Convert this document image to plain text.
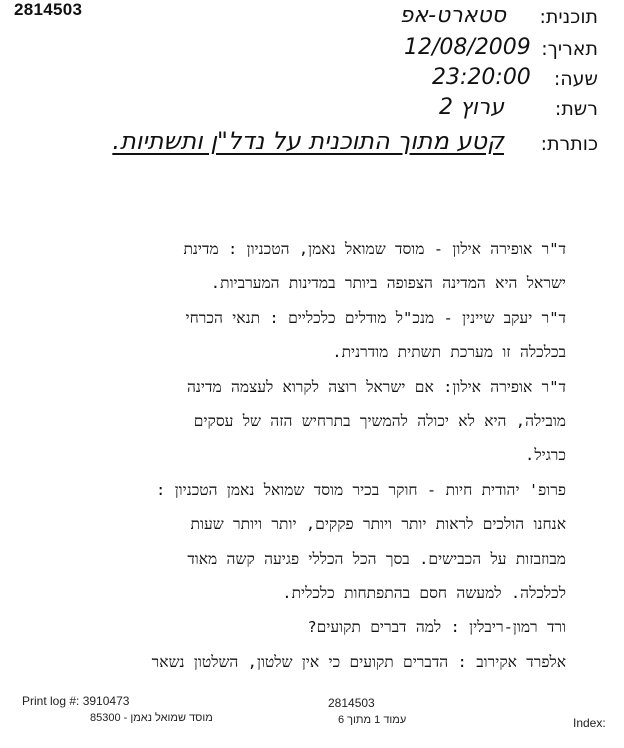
2814503	תוכנית:
סטארט-אפ
תאריך:
12/08/2009
שעה:
23:20:00
רשת:
ערוץ 2
כותרת:
קטע מתוך התוכנית על נדל"ן ותשתיות.
ד"ר אופירה אילון - מוסד שמואל נאמן, הטכניון : מדינת
ישראל היא המדינה הצפופה ביותר במדינות המערביות.
ד"ר יעקב שיינין - מנכ"ל מודלים כלכליים : תנאי הכרחי
בכלכלה זו מערכת תשתית מודרנית.
ד"ר אופירה אילון: אם ישראל רוצה לקרוא לעצמה מדינה
מובילה, היא לא יכולה להמשיך בתרחיש הזה של עסקים
כרגיל.
פרופ' יהודית חיות - חוקר בכיר מוסד שמואל נאמן הטכניון :
אנחנו הולכים לראות יותר ויותר פקקים, יותר ויותר שעות
מבוזבזות על הכבישים. בסך הכל הכללי פגיעה קשה מאוד
לכלכלה. למעשה חסם בהתפתחות כלכלית.
ורד רמון-ריבלין : למה דברים תקועים?
אלפרד אקירוב : הדברים תקועים כי אין שלטון, השלטון נשאר
Print log #: 3910473	2814503
מוסד שמואל נאמן - 85300	עמוד 1 מתוך 6	Index:
